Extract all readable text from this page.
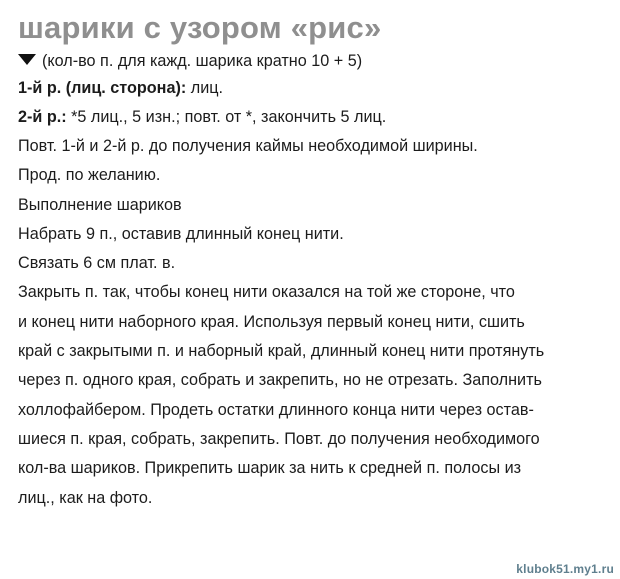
шарики с узором «рис»

(кол-во п. для кажд. шарика кратно 10 + 5)

1-й р. (лиц. сторона): лиц.

2-й р.: *5 лиц., 5 изн.; повт. от *, закончить 5 лиц.

Повт. 1-й и 2-й р. до получения каймы необходимой ширины.

Прод. по желанию.

Выполнение шариков

Набрать 9 п., оставив длинный конец нити.

Связать 6 см плат. в.

Закрыть п. так, чтобы конец нити оказался на той же стороне, что

и конец нити наборного края. Используя первый конец нити, сшить

край с закрытыми п. и наборный край, длинный конец нити протянуть

через п. одного края, собрать и закрепить, но не отрезать. Заполнить

холлофайбером. Продеть остатки длинного конца нити через остав-

шиеся п. края, собрать, закрепить. Повт. до получения необходимого

кол-ва шариков. Прикрепить шарик за нить к средней п. полосы из

лиц., как на фото.

klubok51.my1.ru
